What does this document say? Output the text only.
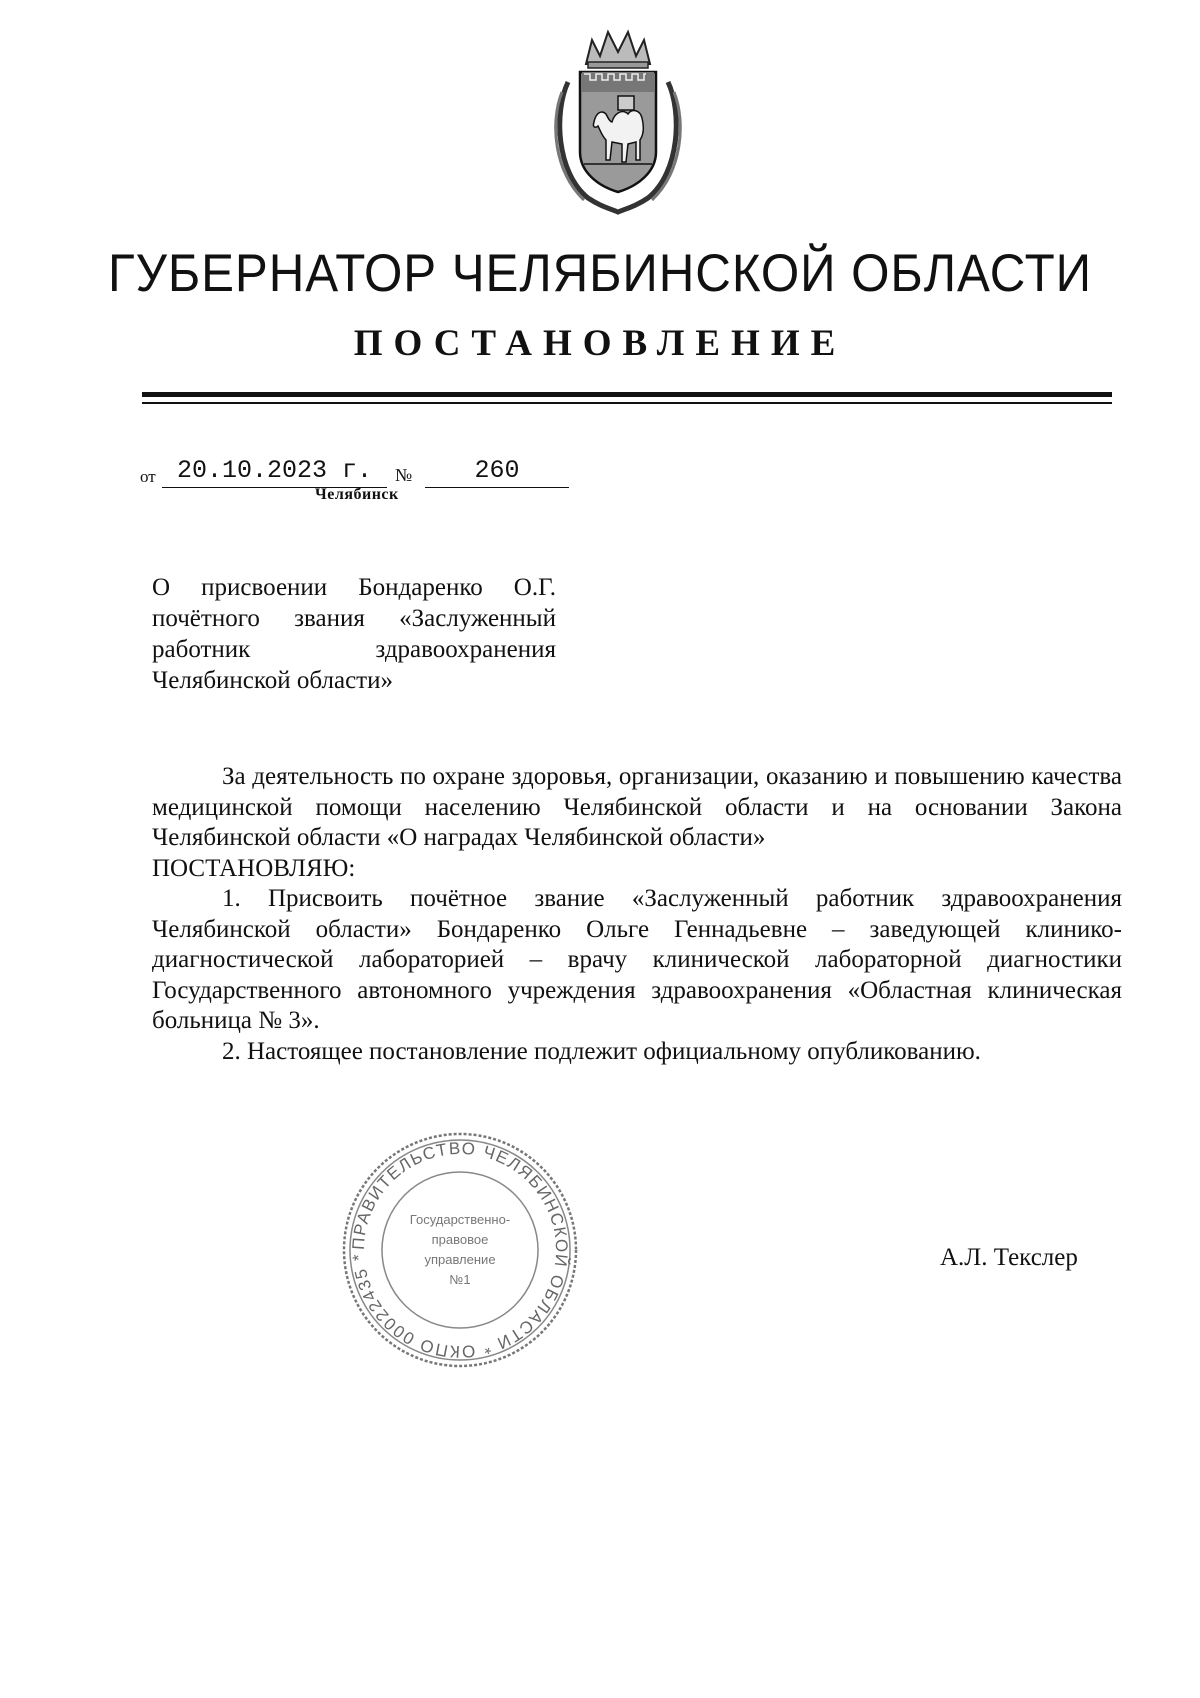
ГУБЕРНАТОР ЧЕЛЯБИНСКОЙ ОБЛАСТИ
ПОСТАНОВЛЕНИЕ
от 20.10.2023 г.	№	260
Челябинск
О присвоении Бондаренко О.Г. почётного звания «Заслуженный работник здравоохранения Челябинской области»

За деятельность по охране здоровья, организации, оказанию и повышению качества медицинской помощи населению Челябинской области и на основании Закона Челябинской области «О наградах Челябинской области»

ПОСТАНОВЛЯЮ:

1. Присвоить почётное звание «Заслуженный работник здравоохранения Челябинской области» Бондаренко Ольге Геннадьевне – заведующей клинико-диагностической лабораторией – врачу клинической лабораторной диагностики Государственного автономного учреждения здравоохранения «Областная клиническая больница № 3».

2. Настоящее постановление подлежит официальному опубликованию.

ПРАВИТЕЛЬСТВО ЧЕЛЯБИНСКОЙ ОБЛАСТИ * ОКПО 00022435 *
Государственно-
правовое
управление
№1
А.Л. Текслер
